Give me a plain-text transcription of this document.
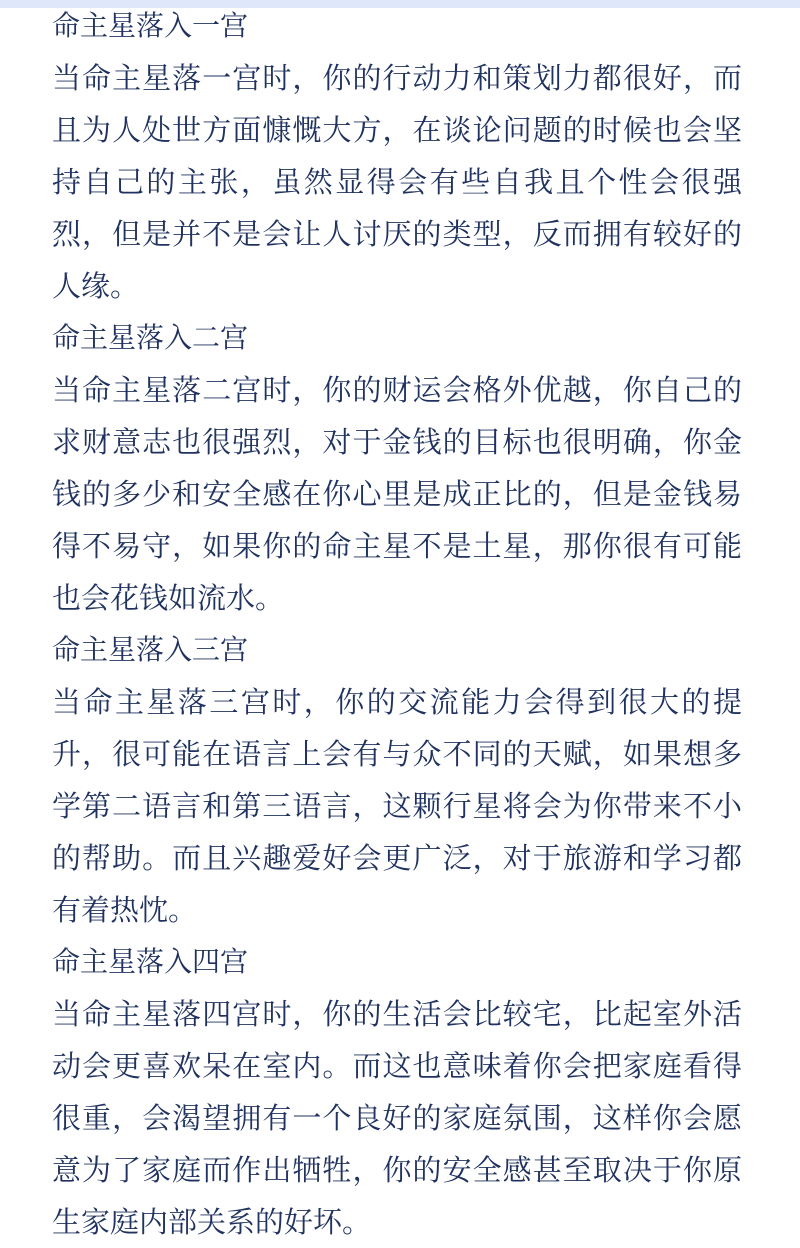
命主星落入一宫
当命主星落一宫时，你的行动力和策划力都很好，而且为人处世方面慷慨大方，在谈论问题的时候也会坚持自己的主张，虽然显得会有些自我且个性会很强烈，但是并不是会让人讨厌的类型，反而拥有较好的人缘。
命主星落入二宫
当命主星落二宫时，你的财运会格外优越，你自己的求财意志也很强烈，对于金钱的目标也很明确，你金钱的多少和安全感在你心里是成正比的，但是金钱易得不易守，如果你的命主星不是土星，那你很有可能也会花钱如流水。
命主星落入三宫
当命主星落三宫时，你的交流能力会得到很大的提升，很可能在语言上会有与众不同的天赋，如果想多学第二语言和第三语言，这颗行星将会为你带来不小的帮助。而且兴趣爱好会更广泛，对于旅游和学习都有着热忱。
命主星落入四宫
当命主星落四宫时，你的生活会比较宅，比起室外活动会更喜欢呆在室内。而这也意味着你会把家庭看得很重，会渴望拥有一个良好的家庭氛围，这样你会愿意为了家庭而作出牺牲，你的安全感甚至取决于你原生家庭内部关系的好坏。
